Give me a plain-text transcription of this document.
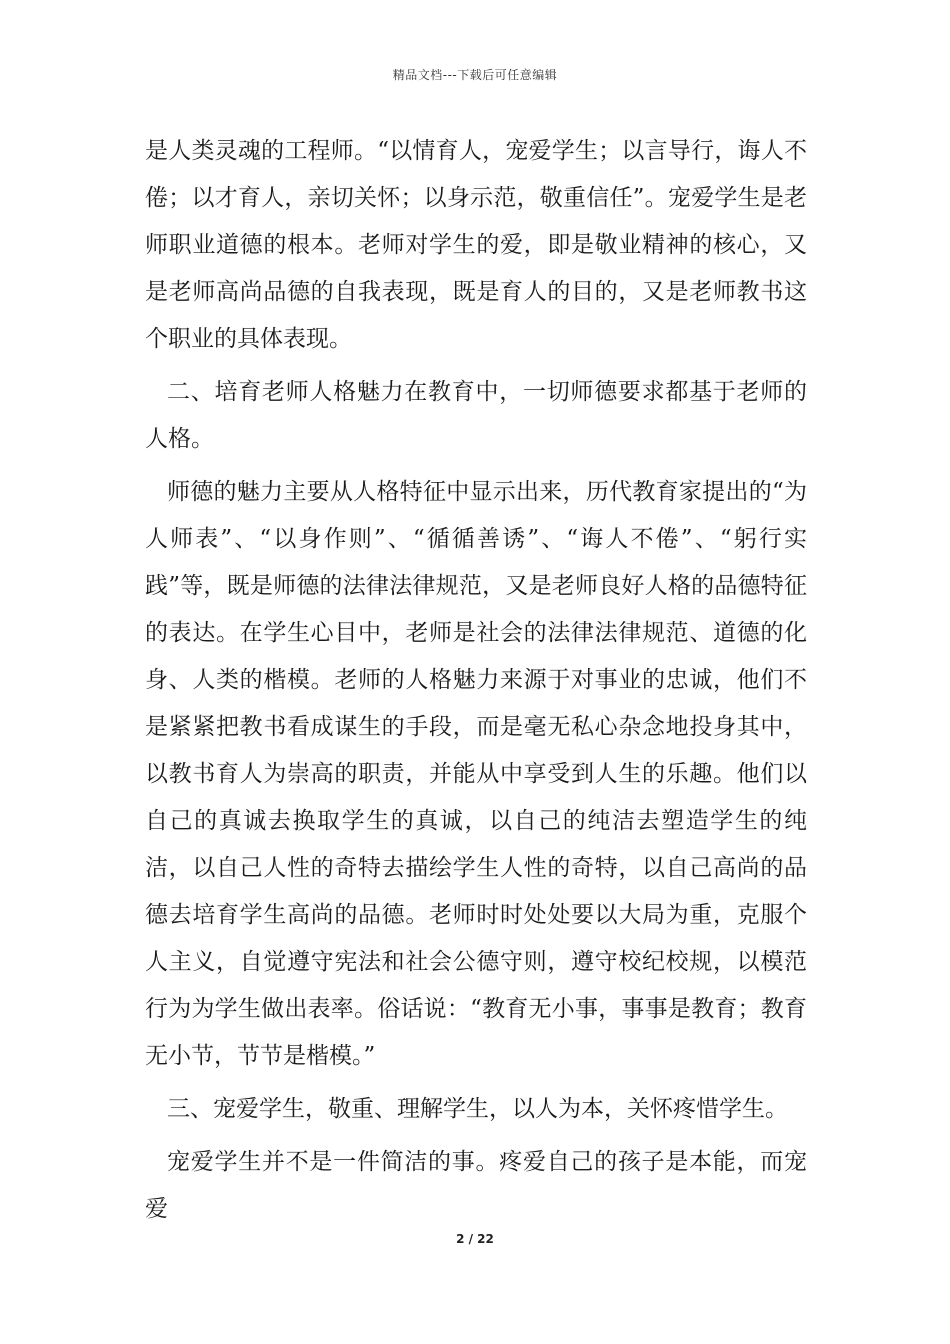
精品文档---下载后可任意编辑

是人类灵魂的工程师。“以情育人，宠爱学生；以言导行，诲人不倦；以才育人，亲切关怀；以身示范，敬重信任”。宠爱学生是老师职业道德的根本。老师对学生的爱，即是敬业精神的核心，又是老师高尚品德的自我表现，既是育人的目的，又是老师教书这个职业的具体表现。

二、培育老师人格魅力在教育中，一切师德要求都基于老师的人格。

师德的魅力主要从人格特征中显示出来，历代教育家提出的“为人师表”、“以身作则”、“循循善诱”、“诲人不倦”、“躬行实践”等，既是师德的法律法律规范，又是老师良好人格的品德特征的表达。在学生心目中，老师是社会的法律法律规范、道德的化身、人类的楷模。老师的人格魅力来源于对事业的忠诚，他们不是紧紧把教书看成谋生的手段，而是毫无私心杂念地投身其中，以教书育人为崇高的职责，并能从中享受到人生的乐趣。他们以自己的真诚去换取学生的真诚，以自己的纯洁去塑造学生的纯洁，以自己人性的奇特去描绘学生人性的奇特，以自己高尚的品德去培育学生高尚的品德。老师时时处处要以大局为重，克服个人主义，自觉遵守宪法和社会公德守则，遵守校纪校规，以模范行为为学生做出表率。俗话说：“教育无小事，事事是教育；教育无小节，节节是楷模。”

三、宠爱学生，敬重、理解学生，以人为本，关怀疼惜学生。

宠爱学生并不是一件简洁的事。疼爱自己的孩子是本能，而宠爱

2 / 22
